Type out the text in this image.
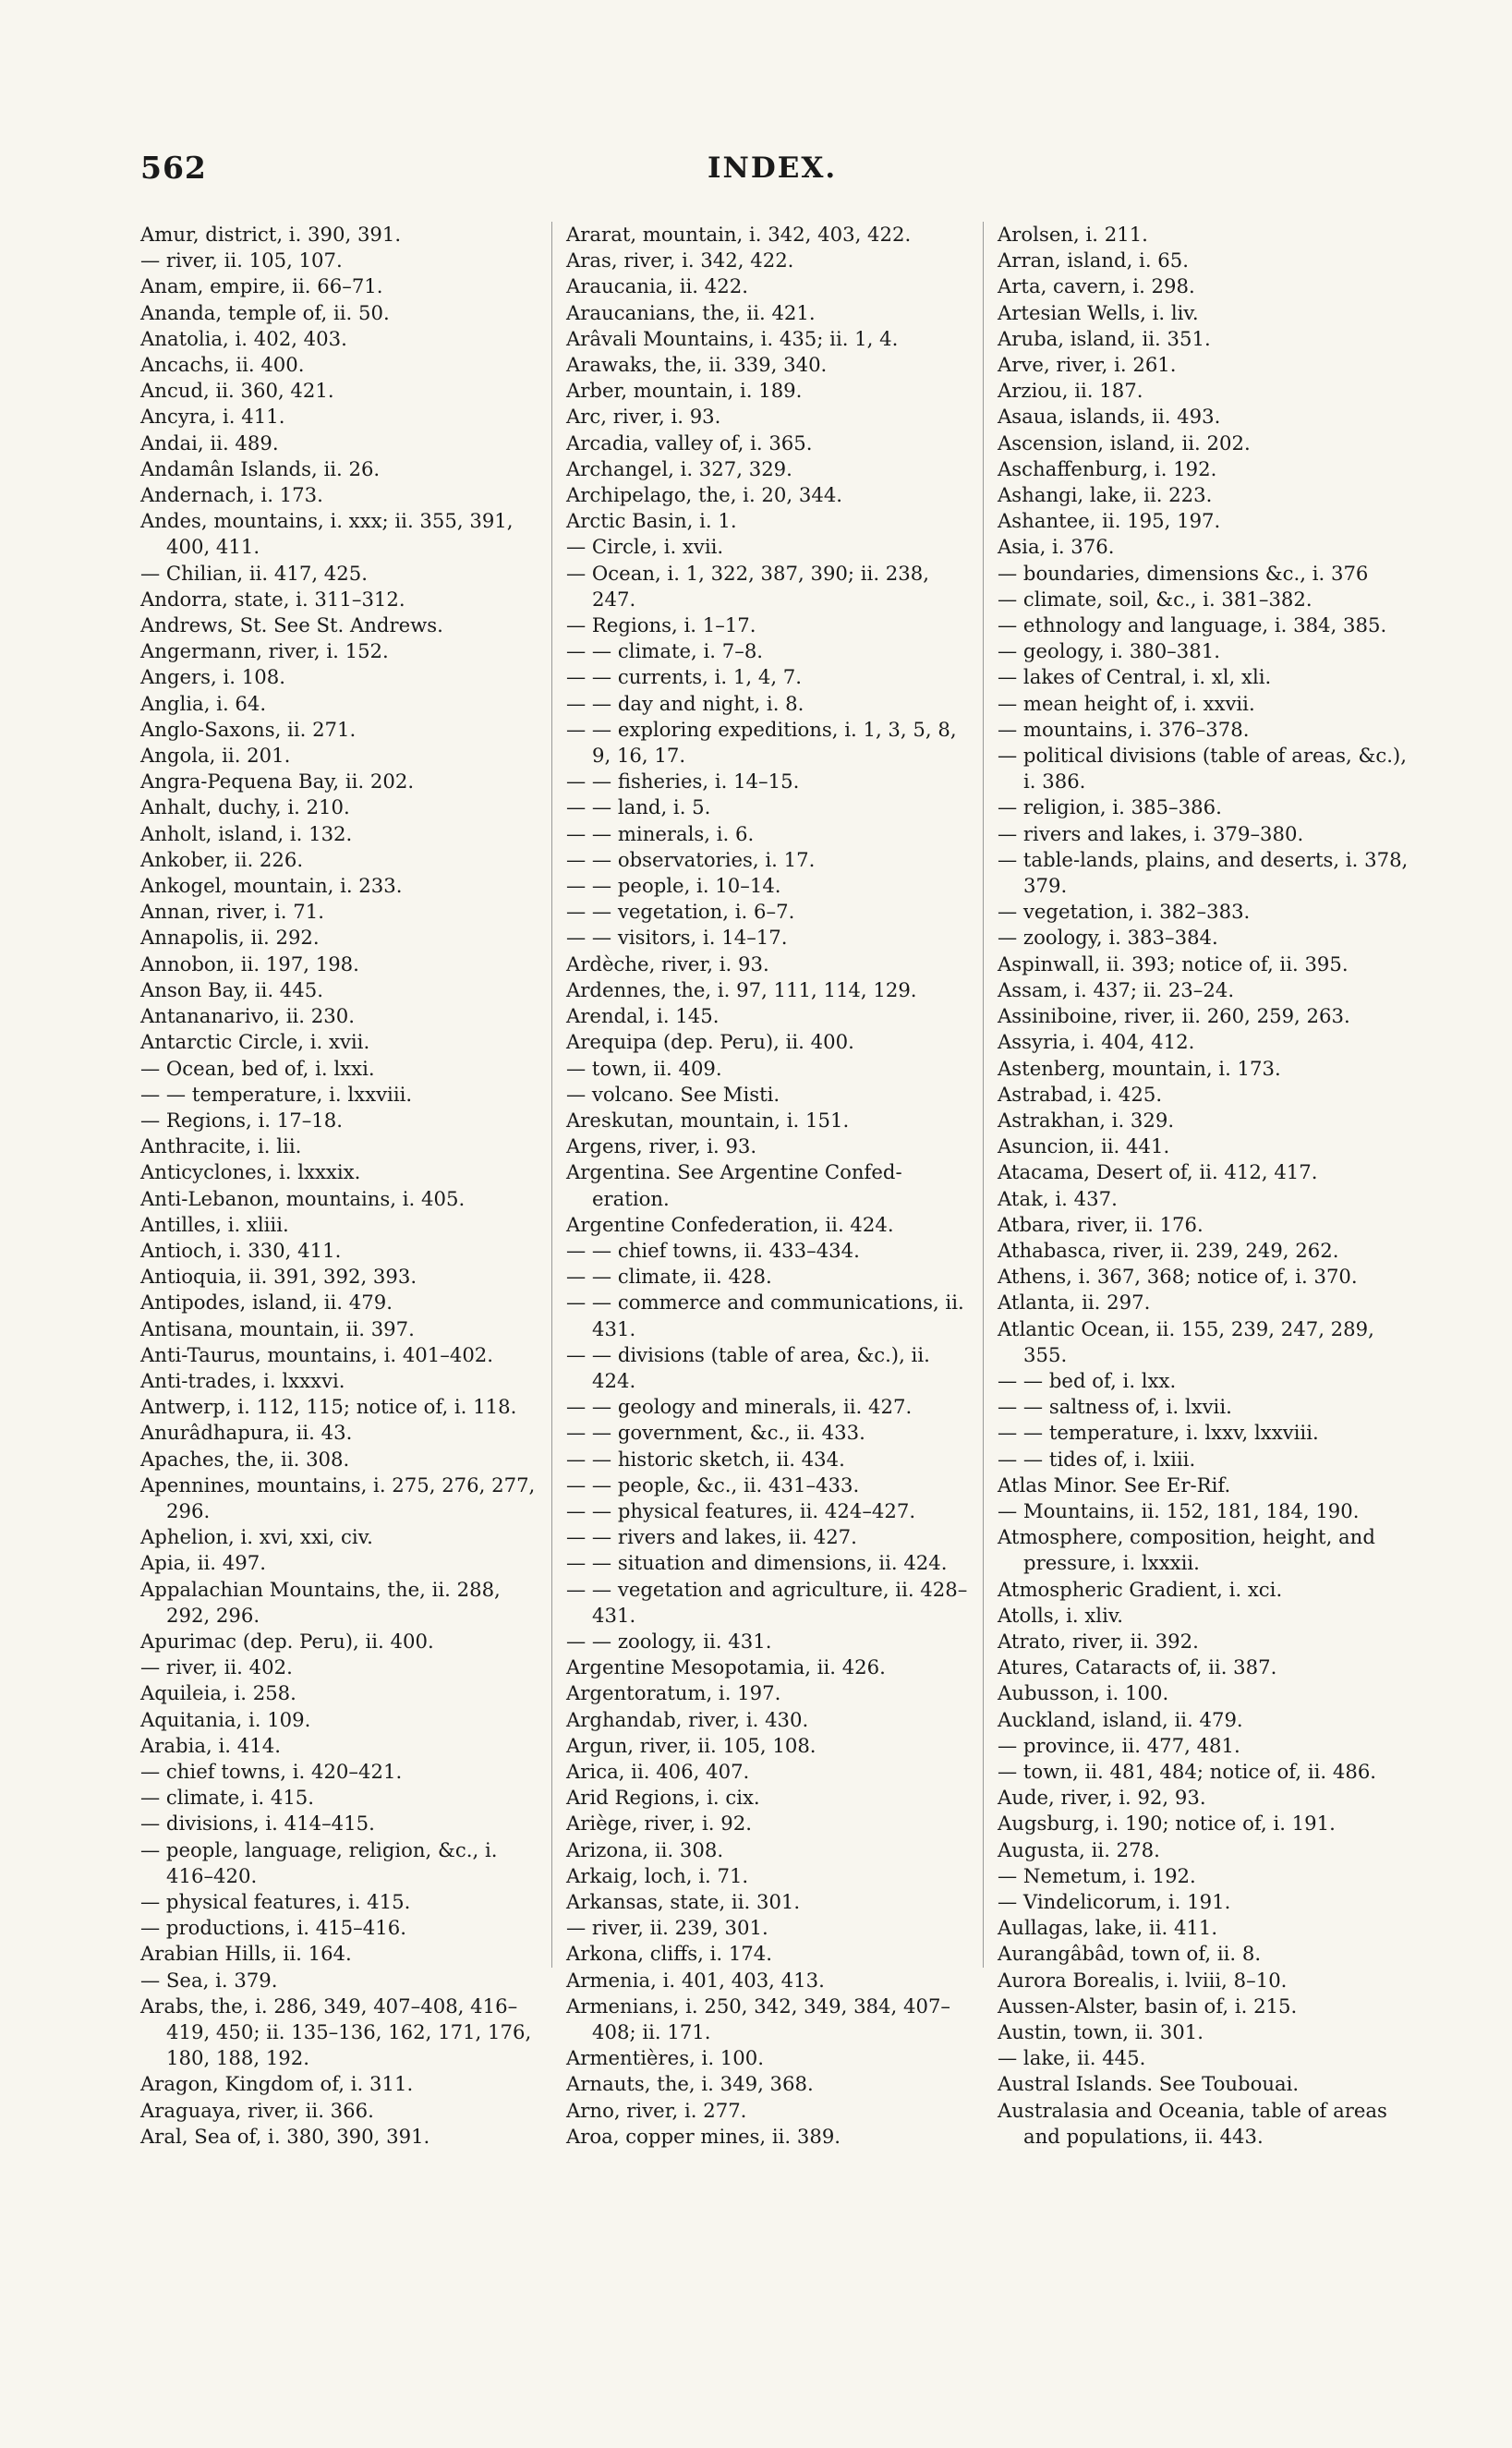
562	INDEX.
Amur, district, i. 390, 391.
— river, ii. 105, 107.
Anam, empire, ii. 66–71.
Ananda, temple of, ii. 50.
Anatolia, i. 402, 403.
Ancachs, ii. 400.
Ancud, ii. 360, 421.
Ancyra, i. 411.
Andai, ii. 489.
Andamân Islands, ii. 26.
Andernach, i. 173.
Andes, mountains, i. xxx; ii. 355, 391, 400, 411.
— Chilian, ii. 417, 425.
Andorra, state, i. 311–312.
Andrews, St. See St. Andrews.
Angermann, river, i. 152.
Angers, i. 108.
Anglia, i. 64.
Anglo-Saxons, ii. 271.
Angola, ii. 201.
Angra-Pequena Bay, ii. 202.
Anhalt, duchy, i. 210.
Anholt, island, i. 132.
Ankober, ii. 226.
Ankogel, mountain, i. 233.
Annan, river, i. 71.
Annapolis, ii. 292.
Annobon, ii. 197, 198.
Anson Bay, ii. 445.
Antananarivo, ii. 230.
Antarctic Circle, i. xvii.
— Ocean, bed of, i. lxxi.
— — temperature, i. lxxviii.
— Regions, i. 17–18.
Anthracite, i. lii.
Anticyclones, i. lxxxix.
Anti-Lebanon, mountains, i. 405.
Antilles, i. xliii.
Antioch, i. 330, 411.
Antioquia, ii. 391, 392, 393.
Antipodes, island, ii. 479.
Antisana, mountain, ii. 397.
Anti-Taurus, mountains, i. 401–402.
Anti-trades, i. lxxxvi.
Antwerp, i. 112, 115; notice of, i. 118.
Anurâdhapura, ii. 43.
Apaches, the, ii. 308.
Apennines, mountains, i. 275, 276, 277, 296.
Aphelion, i. xvi, xxi, civ.
Apia, ii. 497.
Appalachian Mountains, the, ii. 288, 292, 296.
Apurimac (dep. Peru), ii. 400.
— river, ii. 402.
Aquileia, i. 258.
Aquitania, i. 109.
Arabia, i. 414.
— chief towns, i. 420–421.
— climate, i. 415.
— divisions, i. 414–415.
— people, language, religion, &c., i. 416–420.
— physical features, i. 415.
— productions, i. 415–416.
Arabian Hills, ii. 164.
— Sea, i. 379.
Arabs, the, i. 286, 349, 407–408, 416–419, 450; ii. 135–136, 162, 171, 176, 180, 188, 192.
Aragon, Kingdom of, i. 311.
Araguaya, river, ii. 366.
Aral, Sea of, i. 380, 390, 391.
Ararat, mountain, i. 342, 403, 422.
Aras, river, i. 342, 422.
Araucania, ii. 422.
Araucanians, the, ii. 421.
Arâvali Mountains, i. 435; ii. 1, 4.
Arawaks, the, ii. 339, 340.
Arber, mountain, i. 189.
Arc, river, i. 93.
Arcadia, valley of, i. 365.
Archangel, i. 327, 329.
Archipelago, the, i. 20, 344.
Arctic Basin, i. 1.
— Circle, i. xvii.
— Ocean, i. 1, 322, 387, 390; ii. 238, 247.
— Regions, i. 1–17.
— — climate, i. 7–8.
— — currents, i. 1, 4, 7.
— — day and night, i. 8.
— — exploring expeditions, i. 1, 3, 5, 8, 9, 16, 17.
— — fisheries, i. 14–15.
— — land, i. 5.
— — minerals, i. 6.
— — observatories, i. 17.
— — people, i. 10–14.
— — vegetation, i. 6–7.
— — visitors, i. 14–17.
Ardèche, river, i. 93.
Ardennes, the, i. 97, 111, 114, 129.
Arendal, i. 145.
Arequipa (dep. Peru), ii. 400.
— town, ii. 409.
— volcano. See Misti.
Areskutan, mountain, i. 151.
Argens, river, i. 93.
Argentina. See Argentine Confed-eration.
Argentine Confederation, ii. 424.
— — chief towns, ii. 433–434.
— — climate, ii. 428.
— — commerce and communications, ii. 431.
— — divisions (table of area, &c.), ii. 424.
— — geology and minerals, ii. 427.
— — government, &c., ii. 433.
— — historic sketch, ii. 434.
— — people, &c., ii. 431–433.
— — physical features, ii. 424–427.
— — rivers and lakes, ii. 427.
— — situation and dimensions, ii. 424.
— — vegetation and agriculture, ii. 428–431.
— — zoology, ii. 431.
Argentine Mesopotamia, ii. 426.
Argentoratum, i. 197.
Arghandab, river, i. 430.
Argun, river, ii. 105, 108.
Arica, ii. 406, 407.
Arid Regions, i. cix.
Ariège, river, i. 92.
Arizona, ii. 308.
Arkaig, loch, i. 71.
Arkansas, state, ii. 301.
— river, ii. 239, 301.
Arkona, cliffs, i. 174.
Armenia, i. 401, 403, 413.
Armenians, i. 250, 342, 349, 384, 407–408; ii. 171.
Armentières, i. 100.
Arnauts, the, i. 349, 368.
Arno, river, i. 277.
Aroa, copper mines, ii. 389.
Arolsen, i. 211.
Arran, island, i. 65.
Arta, cavern, i. 298.
Artesian Wells, i. liv.
Aruba, island, ii. 351.
Arve, river, i. 261.
Arziou, ii. 187.
Asaua, islands, ii. 493.
Ascension, island, ii. 202.
Aschaffenburg, i. 192.
Ashangi, lake, ii. 223.
Ashantee, ii. 195, 197.
Asia, i. 376.
— boundaries, dimensions &c., i. 376
— climate, soil, &c., i. 381–382.
— ethnology and language, i. 384, 385.
— geology, i. 380–381.
— lakes of Central, i. xl, xli.
— mean height of, i. xxvii.
— mountains, i. 376–378.
— political divisions (table of areas, &c.), i. 386.
— religion, i. 385–386.
— rivers and lakes, i. 379–380.
— table-lands, plains, and deserts, i. 378, 379.
— vegetation, i. 382–383.
— zoology, i. 383–384.
Aspinwall, ii. 393; notice of, ii. 395.
Assam, i. 437; ii. 23–24.
Assiniboine, river, ii. 260, 259, 263.
Assyria, i. 404, 412.
Astenberg, mountain, i. 173.
Astrabad, i. 425.
Astrakhan, i. 329.
Asuncion, ii. 441.
Atacama, Desert of, ii. 412, 417.
Atak, i. 437.
Atbara, river, ii. 176.
Athabasca, river, ii. 239, 249, 262.
Athens, i. 367, 368; notice of, i. 370.
Atlanta, ii. 297.
Atlantic Ocean, ii. 155, 239, 247, 289, 355.
— — bed of, i. lxx.
— — saltness of, i. lxvii.
— — temperature, i. lxxv, lxxviii.
— — tides of, i. lxiii.
Atlas Minor. See Er-Rif.
— Mountains, ii. 152, 181, 184, 190.
Atmosphere, composition, height, and pressure, i. lxxxii.
Atmospheric Gradient, i. xci.
Atolls, i. xliv.
Atrato, river, ii. 392.
Atures, Cataracts of, ii. 387.
Aubusson, i. 100.
Auckland, island, ii. 479.
— province, ii. 477, 481.
— town, ii. 481, 484; notice of, ii. 486.
Aude, river, i. 92, 93.
Augsburg, i. 190; notice of, i. 191.
Augusta, ii. 278.
— Nemetum, i. 192.
— Vindelicorum, i. 191.
Aullagas, lake, ii. 411.
Aurangâbâd, town of, ii. 8.
Aurora Borealis, i. lviii, 8–10.
Aussen-Alster, basin of, i. 215.
Austin, town, ii. 301.
— lake, ii. 445.
Austral Islands. See Toubouai.
Australasia and Oceania, table of areas and populations, ii. 443.
